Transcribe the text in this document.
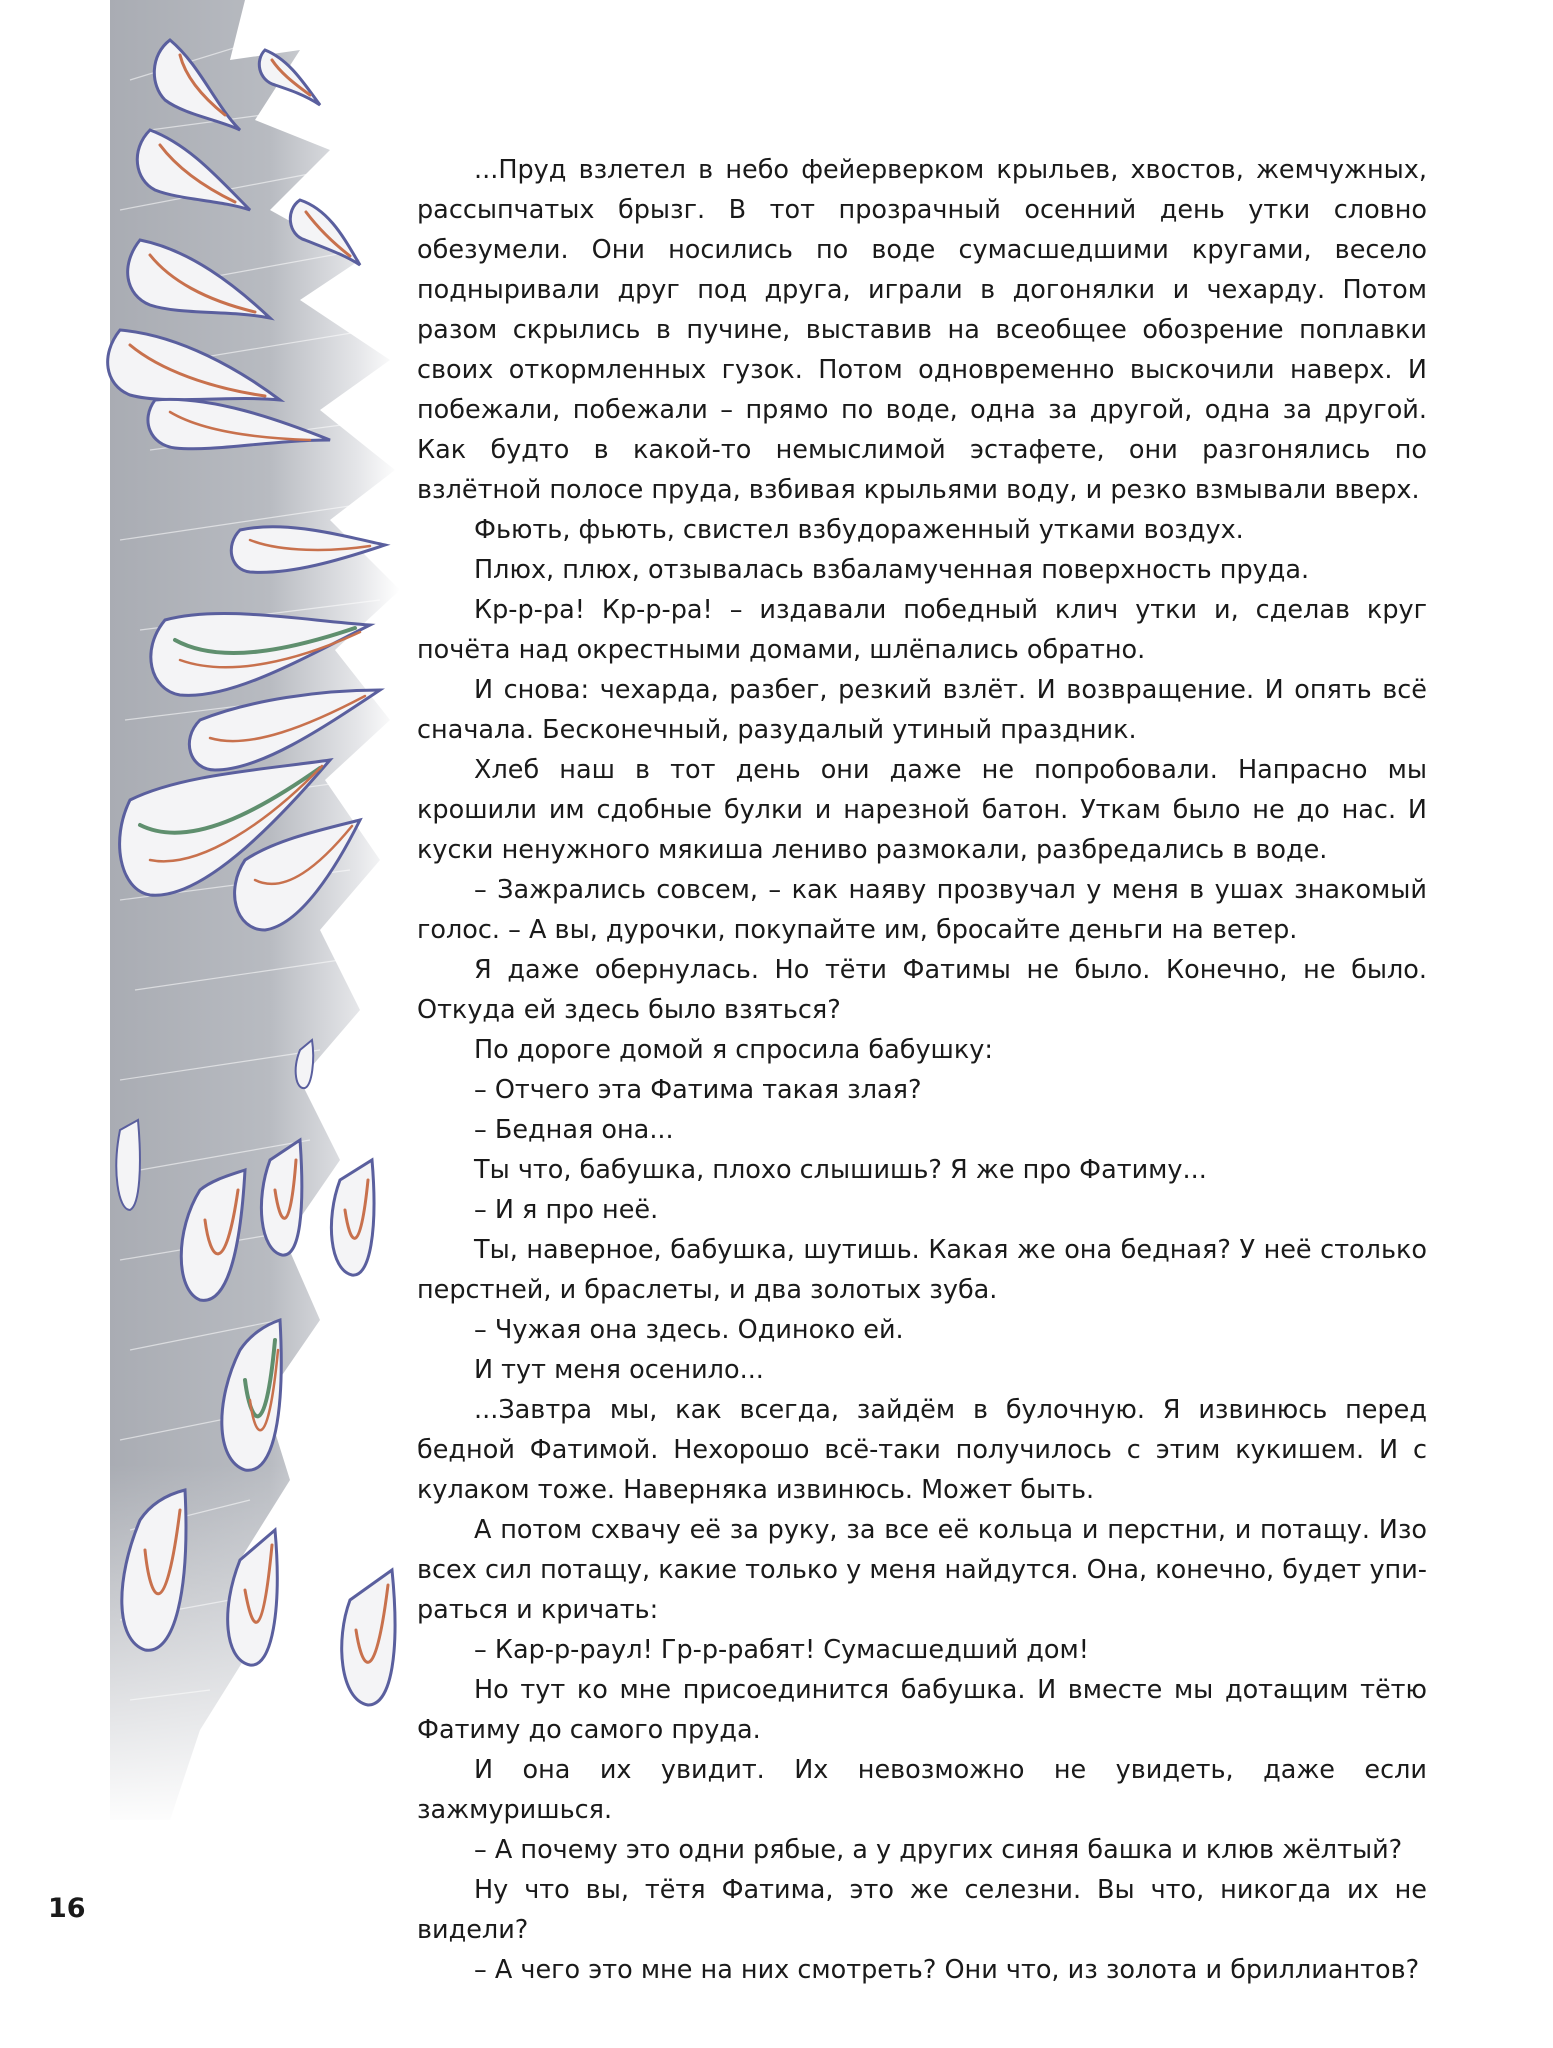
...Пруд взлетел в небо фейерверком крыльев, хвостов, жемчужных, рассыпчатых брызг. В тот прозрачный осенний день утки словно обезумели. Они носились по воде сумасшедшими кругами, весело подныривали друг под друга, играли в догонялки и чехарду. Потом разом скрылись в пучине, выставив на всеобщее обозрение поплавки своих откормленных гузок. Потом одновременно выскочили наверх. И побежали, побежали – прямо по воде, одна за другой, одна за другой. Как будто в какой-то немыслимой эстафете, они разгонялись по взлётной полосе пруда, взбивая крыльями воду, и резко взмывали вверх.

Фьють, фьють, свистел взбудораженный утками воздух.

Плюх, плюх, отзывалась взбаламученная поверхность пруда.

Кр-р-ра! Кр-р-ра! – издавали победный клич утки и, сделав круг почёта над окрестными домами, шлёпались обратно.

И снова: чехарда, разбег, резкий взлёт. И возвращение. И опять всё сначала. Бесконечный, разудалый утиный праздник.

Хлеб наш в тот день они даже не попробовали. Напрасно мы крошили им сдобные булки и нарезной батон. Уткам было не до нас. И куски ненужного мякиша лениво размокали, разбредались в воде.

– Зажрались совсем, – как наяву прозвучал у меня в ушах знакомый голос. – А вы, дурочки, покупайте им, бросайте деньги на ветер.

Я даже обернулась. Но тёти Фатимы не было. Конечно, не было. Откуда ей здесь было взяться?

По дороге домой я спросила бабушку:

– Отчего эта Фатима такая злая?

– Бедная она...

Ты что, бабушка, плохо слышишь? Я же про Фатиму...

– И я про неё.

Ты, наверное, бабушка, шутишь. Какая же она бедная? У неё столько перстней, и браслеты, и два золотых зуба.

– Чужая она здесь. Одиноко ей.

И тут меня осенило...

...Завтра мы, как всегда, зайдём в булочную. Я извинюсь перед бедной Фатимой. Нехорошо всё-таки получилось с этим кукишем. И с кулаком тоже. Наверняка извинюсь. Может быть.

А потом схвачу её за руку, за все её кольца и перстни, и потащу. Изо всех сил потащу, какие только у меня найдутся. Она, конечно, будет упираться и кричать:

– Кар-р-раул! Гр-р-рабят! Сумасшедший дом!

Но тут ко мне присоединится бабушка. И вместе мы дотащим тётю Фатиму до самого пруда.

И она их увидит. Их невозможно не увидеть, даже если зажмуришься.

– А почему это одни рябые, а у других синяя башка и клюв жёлтый?

Ну что вы, тётя Фатима, это же селезни. Вы что, никогда их не видели?

– А чего это мне на них смотреть? Они что, из золота и бриллиантов?

16
